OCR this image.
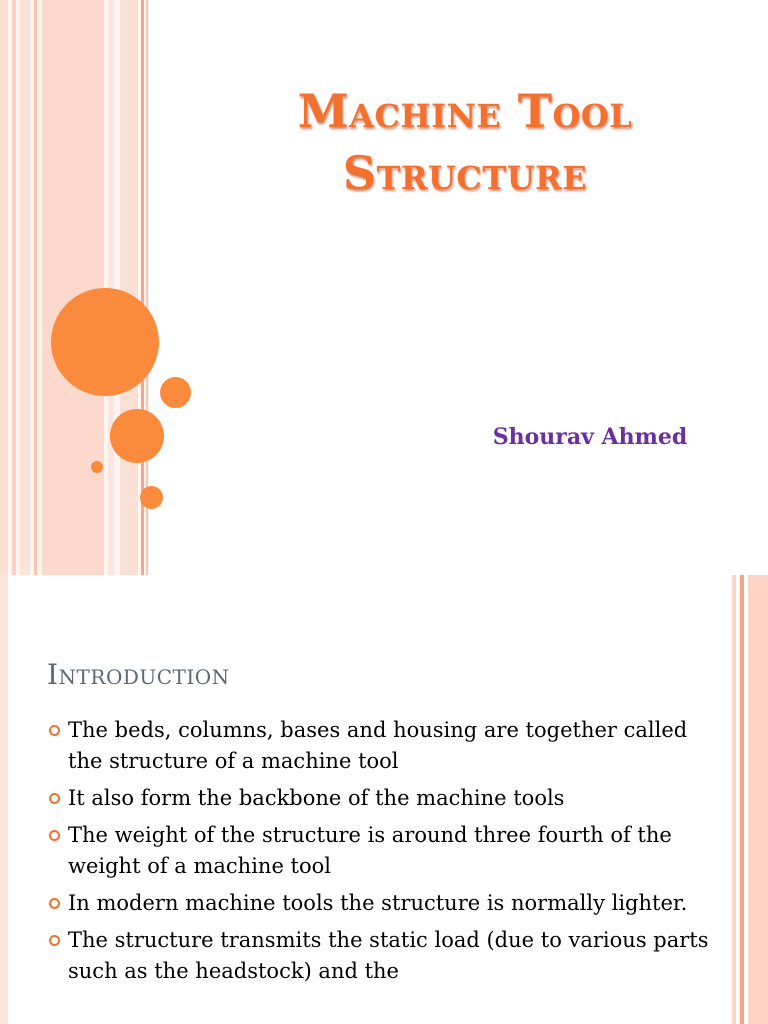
Machine Tool
Structure
Shourav Ahmed
Introduction
The beds, columns, bases and housing are together called the structure of a machine tool
It also form the backbone of the machine tools
The weight of the structure is around three fourth of the weight of a machine tool
In modern machine tools the structure is normally lighter.
The structure transmits the static load (due to various parts such as the headstock) and the
